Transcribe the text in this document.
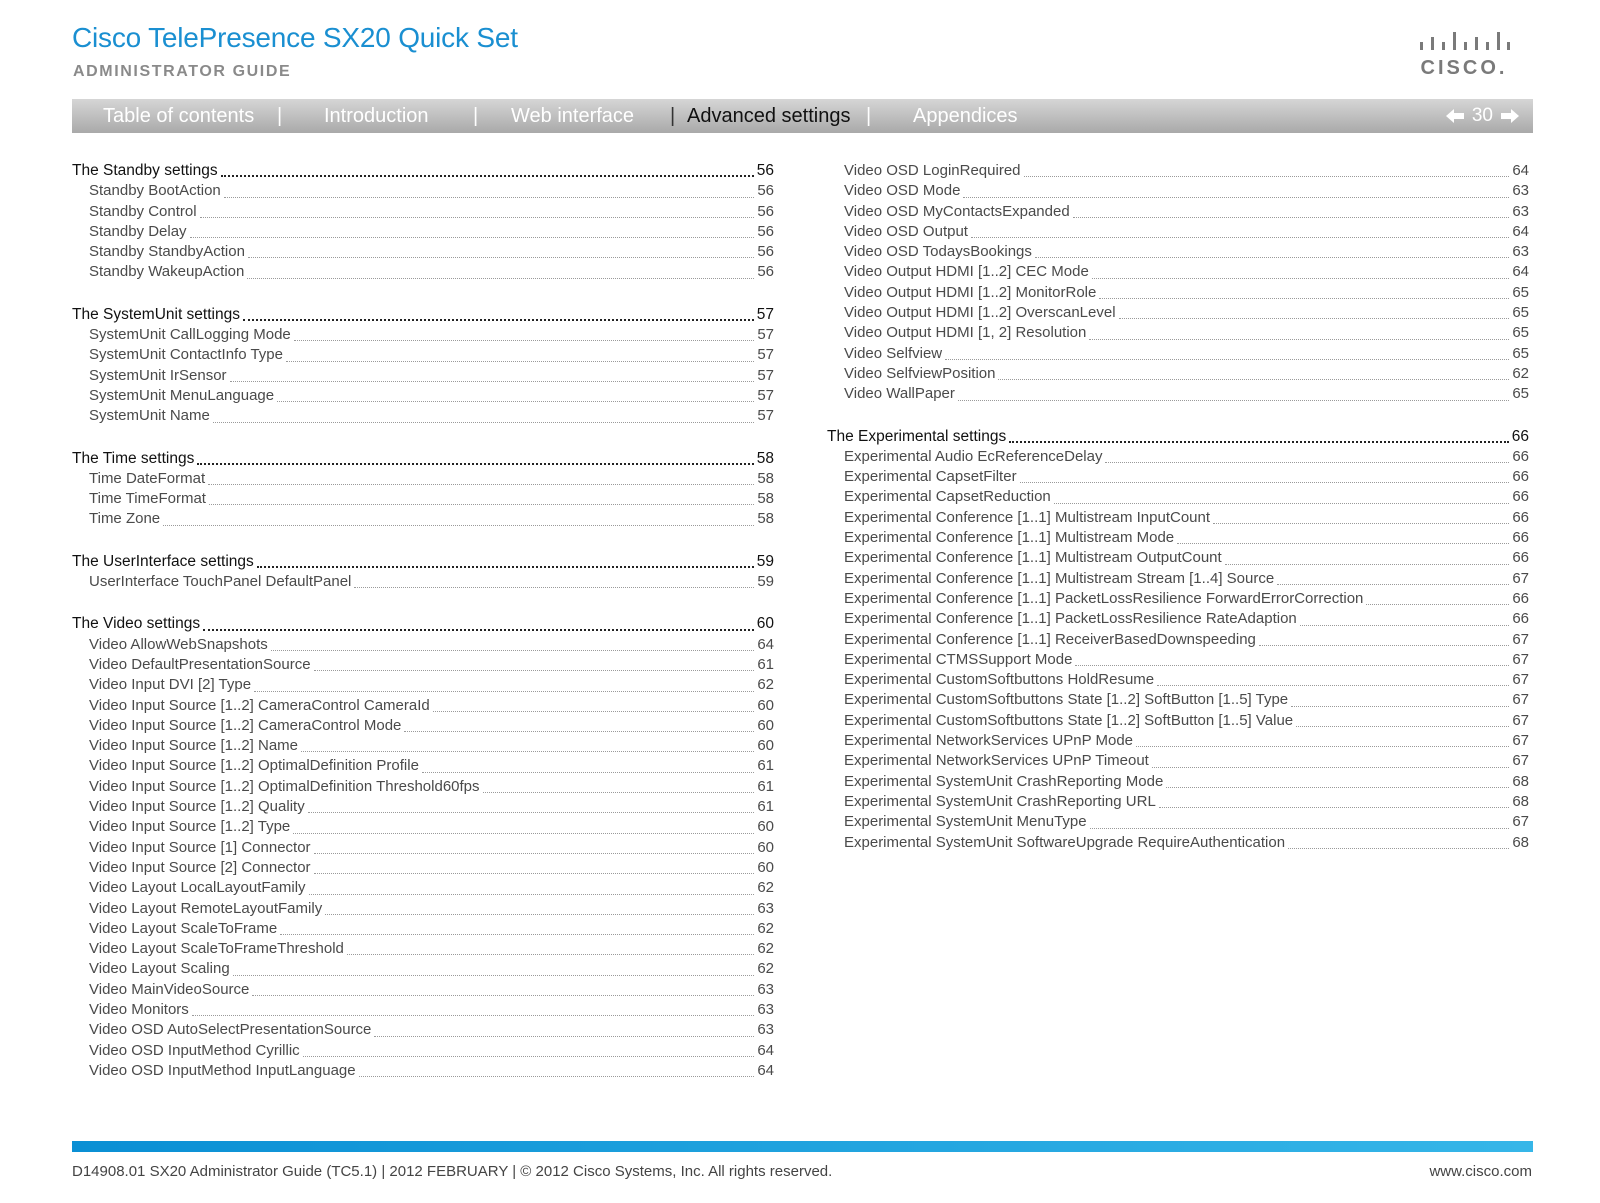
Cisco TelePresence SX20 Quick Set
ADMINISTRATOR GUIDE	CISCO.
Table of contents | Introduction | Web interface | Advanced settings | Appendices	30
The Standby settings	56
Standby BootAction	56
Standby Control	56
Standby Delay	56
Standby StandbyAction	56
Standby WakeupAction	56
The SystemUnit settings	57
SystemUnit CallLogging Mode	57
SystemUnit ContactInfo Type	57
SystemUnit IrSensor	57
SystemUnit MenuLanguage	57
SystemUnit Name	57
The Time settings	58
Time DateFormat	58
Time TimeFormat	58
Time Zone	58
The UserInterface settings	59
UserInterface TouchPanel DefaultPanel	59
The Video settings	60
Video AllowWebSnapshots	64
Video DefaultPresentationSource	61
Video Input DVI [2] Type	62
Video Input Source [1..2] CameraControl CameraId	60
Video Input Source [1..2] CameraControl Mode	60
Video Input Source [1..2] Name	60
Video Input Source [1..2] OptimalDefinition Profile	61
Video Input Source [1..2] OptimalDefinition Threshold60fps	61
Video Input Source [1..2] Quality	61
Video Input Source [1..2] Type	60
Video Input Source [1] Connector	60
Video Input Source [2] Connector	60
Video Layout LocalLayoutFamily	62
Video Layout RemoteLayoutFamily	63
Video Layout ScaleToFrame	62
Video Layout ScaleToFrameThreshold	62
Video Layout Scaling	62
Video MainVideoSource	63
Video Monitors	63
Video OSD AutoSelectPresentationSource	63
Video OSD InputMethod Cyrillic	64
Video OSD InputMethod InputLanguage	64
Video OSD LoginRequired	64
Video OSD Mode	63
Video OSD MyContactsExpanded	63
Video OSD Output	64
Video OSD TodaysBookings	63
Video Output HDMI [1..2] CEC Mode	64
Video Output HDMI [1..2] MonitorRole	65
Video Output HDMI [1..2] OverscanLevel	65
Video Output HDMI [1, 2] Resolution	65
Video Selfview	65
Video SelfviewPosition	62
Video WallPaper	65
The Experimental settings	66
Experimental Audio EcReferenceDelay	66
Experimental CapsetFilter	66
Experimental CapsetReduction	66
Experimental Conference [1..1] Multistream InputCount	66
Experimental Conference [1..1] Multistream Mode	66
Experimental Conference [1..1] Multistream OutputCount	66
Experimental Conference [1..1] Multistream Stream [1..4] Source	67
Experimental Conference [1..1] PacketLossResilience ForwardErrorCorrection	66
Experimental Conference [1..1] PacketLossResilience RateAdaption	66
Experimental Conference [1..1] ReceiverBasedDownspeeding	67
Experimental CTMSSupport Mode	67
Experimental CustomSoftbuttons HoldResume	67
Experimental CustomSoftbuttons State [1..2] SoftButton [1..5] Type	67
Experimental CustomSoftbuttons State [1..2] SoftButton [1..5] Value	67
Experimental NetworkServices UPnP Mode	67
Experimental NetworkServices UPnP Timeout	67
Experimental SystemUnit CrashReporting Mode	68
Experimental SystemUnit CrashReporting URL	68
Experimental SystemUnit MenuType	67
Experimental SystemUnit SoftwareUpgrade RequireAuthentication	68
D14908.01 SX20 Administrator Guide (TC5.1) | 2012 FEBRUARY | © 2012 Cisco Systems, Inc. All rights reserved.	www.cisco.com
